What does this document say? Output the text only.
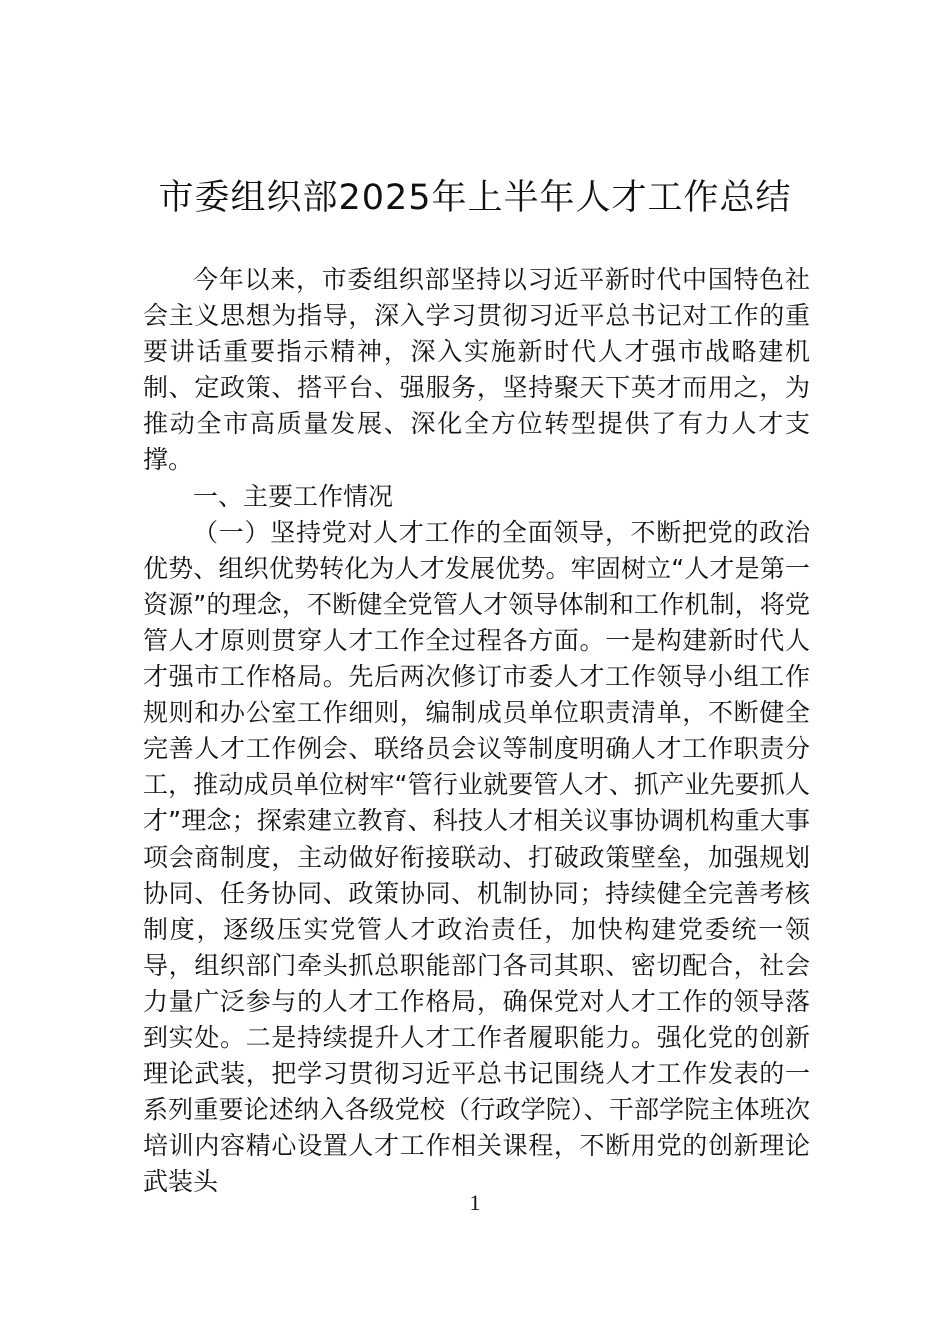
市委组织部2025年上半年人才工作总结

今年以来，市委组织部坚持以习近平新时代中国特色社会主义思想为指导，深入学习贯彻习近平总书记对工作的重要讲话重要指示精神，深入实施新时代人才强市战略建机制、定政策、搭平台、强服务，坚持聚天下英才而用之，为推动全市高质量发展、深化全方位转型提供了有力人才支撑。

一、主要工作情况

（一）坚持党对人才工作的全面领导，不断把党的政治优势、组织优势转化为人才发展优势。牢固树立“人才是第一资源”的理念，不断健全党管人才领导体制和工作机制，将党管人才原则贯穿人才工作全过程各方面。一是构建新时代人才强市工作格局。先后两次修订市委人才工作领导小组工作规则和办公室工作细则，编制成员单位职责清单，不断健全完善人才工作例会、联络员会议等制度明确人才工作职责分工，推动成员单位树牢“管行业就要管人才、抓产业先要抓人才”理念；探索建立教育、科技人才相关议事协调机构重大事项会商制度，主动做好衔接联动、打破政策壁垒，加强规划协同、任务协同、政策协同、机制协同；持续健全完善考核制度，逐级压实党管人才政治责任，加快构建党委统一领导，组织部门牵头抓总职能部门各司其职、密切配合，社会力量广泛参与的人才工作格局，确保党对人才工作的领导落到实处。二是持续提升人才工作者履职能力。强化党的创新理论武装，把学习贯彻习近平总书记围绕人才工作发表的一系列重要论述纳入各级党校（行政学院）、干部学院主体班次培训内容精心设置人才工作相关课程，不断用党的创新理论武装头

1
